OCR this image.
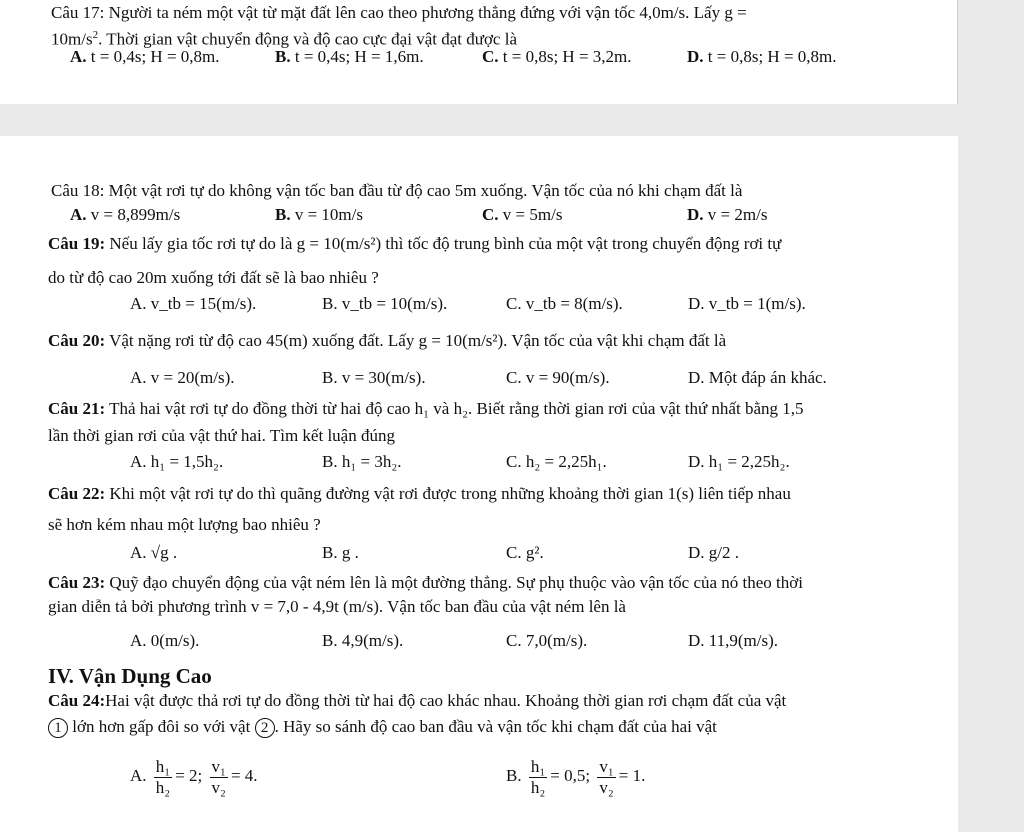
Câu 17: Người ta ném một vật từ mặt đất lên cao theo phương thẳng đứng với vận tốc 4,0m/s. Lấy g =
$10m/s^2$. Thời gian vật chuyển động và độ cao cực đại vật đạt được là
A. t = 0,4s; H = 0,8m.	B. t = 0,4s; H = 1,6m.	C. t = 0,8s; H = 3,2m.	D. t = 0,8s; H = 0,8m.
Câu 18: Một vật rơi tự do không vận tốc ban đầu từ độ cao 5m xuống. Vận tốc của nó khi chạm đất là
A. v = 8,899m/s	B. v = 10m/s	C. v = 5m/s	D. v = 2m/s
Câu 19: Nếu lấy gia tốc rơi tự do là g = 10(m/s²) thì tốc độ trung bình của một vật trong chuyển động rơi tự
do từ độ cao 20m xuống tới đất sẽ là bao nhiêu ?
A. v_tb = 15(m/s).	B. v_tb = 10(m/s).	C. v_tb = 8(m/s).	D. v_tb = 1(m/s).
Câu 20: Vật nặng rơi từ độ cao 45(m) xuống đất. Lấy g = 10(m/s²). Vận tốc của vật khi chạm đất là
A. v = 20(m/s).	B. v = 30(m/s).	C. v = 90(m/s).	D. Một đáp án khác.
Câu 21: Thả hai vật rơi tự do đồng thời từ hai độ cao h₁ và h₂. Biết rằng thời gian rơi của vật thứ nhất bằng 1,5
lần thời gian rơi của vật thứ hai. Tìm kết luận đúng
A. h₁ = 1,5h₂.	B. h₁ = 3h₂.	C. h₂ = 2,25h₁.	D. h₁ = 2,25h₂.
Câu 22: Khi một vật rơi tự do thì quãng đường vật rơi được trong những khoảng thời gian 1(s) liên tiếp nhau
sẽ hơn kém nhau một lượng bao nhiêu ?
A. √g .	B. g .	C. g².	D. g/2 .
Câu 23: Quỹ đạo chuyển động của vật ném lên là một đường thẳng. Sự phụ thuộc vào vận tốc của nó theo thời
gian diễn tả bởi phương trình v = 7,0 - 4,9t (m/s). Vận tốc ban đầu của vật ném lên là
A. 0(m/s).	B. 4,9(m/s).	C. 7,0(m/s).	D. 11,9(m/s).
IV. Vận Dụng Cao
Câu 24:Hai vật được thả rơi tự do đồng thời từ hai độ cao khác nhau. Khoảng thời gian rơi chạm đất của vật
1 lớn hơn gấp đôi so với vật 2 . Hãy so sánh độ cao ban đầu và vận tốc khi chạm đất của hai vật
A. $\frac{\text{h₁}}{\text{h₂}} = 2$; $\frac{\text{v₁}}{\text{v₂}} = 4$.	B. $\frac{\text{h₁}}{\text{h₂}} = 0,5$; $\frac{\text{v₁}}{\text{v₂}} = 1$.
